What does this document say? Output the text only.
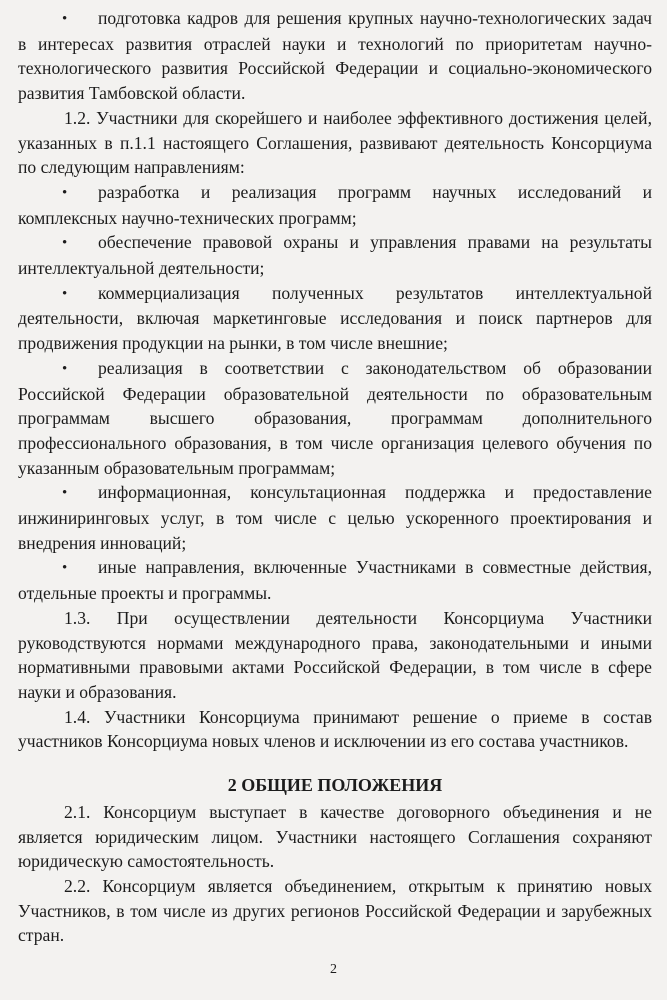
• подготовка кадров для решения крупных научно-технологических задач в интересах развития отраслей науки и технологий по приоритетам научно-технологического развития Российской Федерации и социально-экономического развития Тамбовской области.

1.2. Участники для скорейшего и наиболее эффективного достижения целей, указанных в п.1.1 настоящего Соглашения, развивают деятельность Консорциума по следующим направлениям:

• разработка и реализация программ научных исследований и комплексных научно-технических программ;

• обеспечение правовой охраны и управления правами на результаты интеллектуальной деятельности;

• коммерциализация полученных результатов интеллектуальной деятельности, включая маркетинговые исследования и поиск партнеров для продвижения продукции на рынки, в том числе внешние;

• реализация в соответствии с законодательством об образовании Российской Федерации образовательной деятельности по образовательным программам высшего образования, программам дополнительного профессионального образования, в том числе организация целевого обучения по указанным образовательным программам;

• информационная, консультационная поддержка и предоставление инжиниринговых услуг, в том числе с целью ускоренного проектирования и внедрения инноваций;

• иные направления, включенные Участниками в совместные действия, отдельные проекты и программы.

1.3. При осуществлении деятельности Консорциума Участники руководствуются нормами международного права, законодательными и иными нормативными правовыми актами Российской Федерации, в том числе в сфере науки и образования.

1.4. Участники Консорциума принимают решение о приеме в состав участников Консорциума новых членов и исключении из его состава участников.

2 ОБЩИЕ ПОЛОЖЕНИЯ

2.1. Консорциум выступает в качестве договорного объединения и не является юридическим лицом. Участники настоящего Соглашения сохраняют юридическую самостоятельность.

2.2. Консорциум является объединением, открытым к принятию новых Участников, в том числе из других регионов Российской Федерации и зарубежных стран.

2
